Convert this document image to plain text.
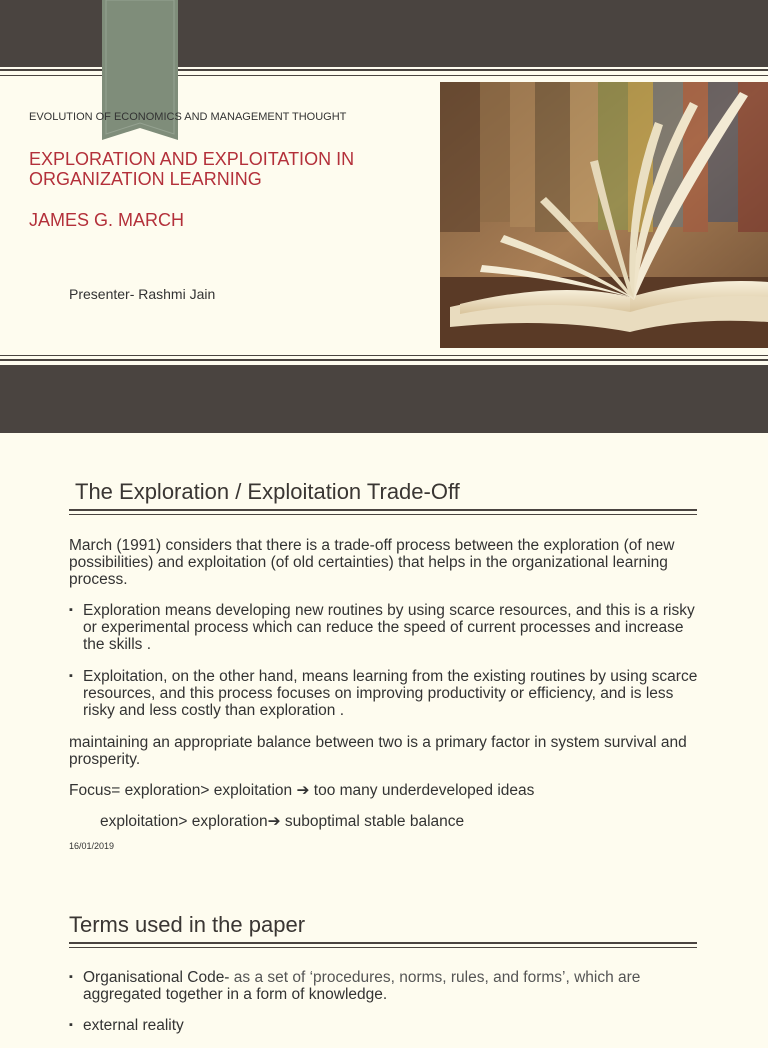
EVOLUTION OF ECONOMICS AND MANAGEMENT THOUGHT
EXPLORATION AND EXPLOITATION IN ORGANIZATION LEARNING
JAMES G. MARCH
Presenter- Rashmi Jain
The Exploration / Exploitation Trade-Off

March (1991) considers that there is a trade-off process between the exploration (of new possibilities) and exploitation (of old certainties) that helps in the organizational learning process.

▪ Exploration means developing new routines by using scarce resources, and this is a risky or experimental process which can reduce the speed of current processes and increase the skills .
▪ Exploitation, on the other hand, means learning from the existing routines by using scarce resources, and this process focuses on improving productivity or efficiency, and is less risky and less costly than exploration .

maintaining an appropriate balance between two is a primary factor in system survival and prosperity.

Focus= exploration> exploitation ➔ too many underdeveloped ideas

exploitation> exploration➔ suboptimal stable balance

16/01/2019
Terms used in the paper
▪ Organisational Code- as a set of ‘procedures, norms, rules, and forms’, which are
aggregated together in a form of knowledge.
▪ external reality
